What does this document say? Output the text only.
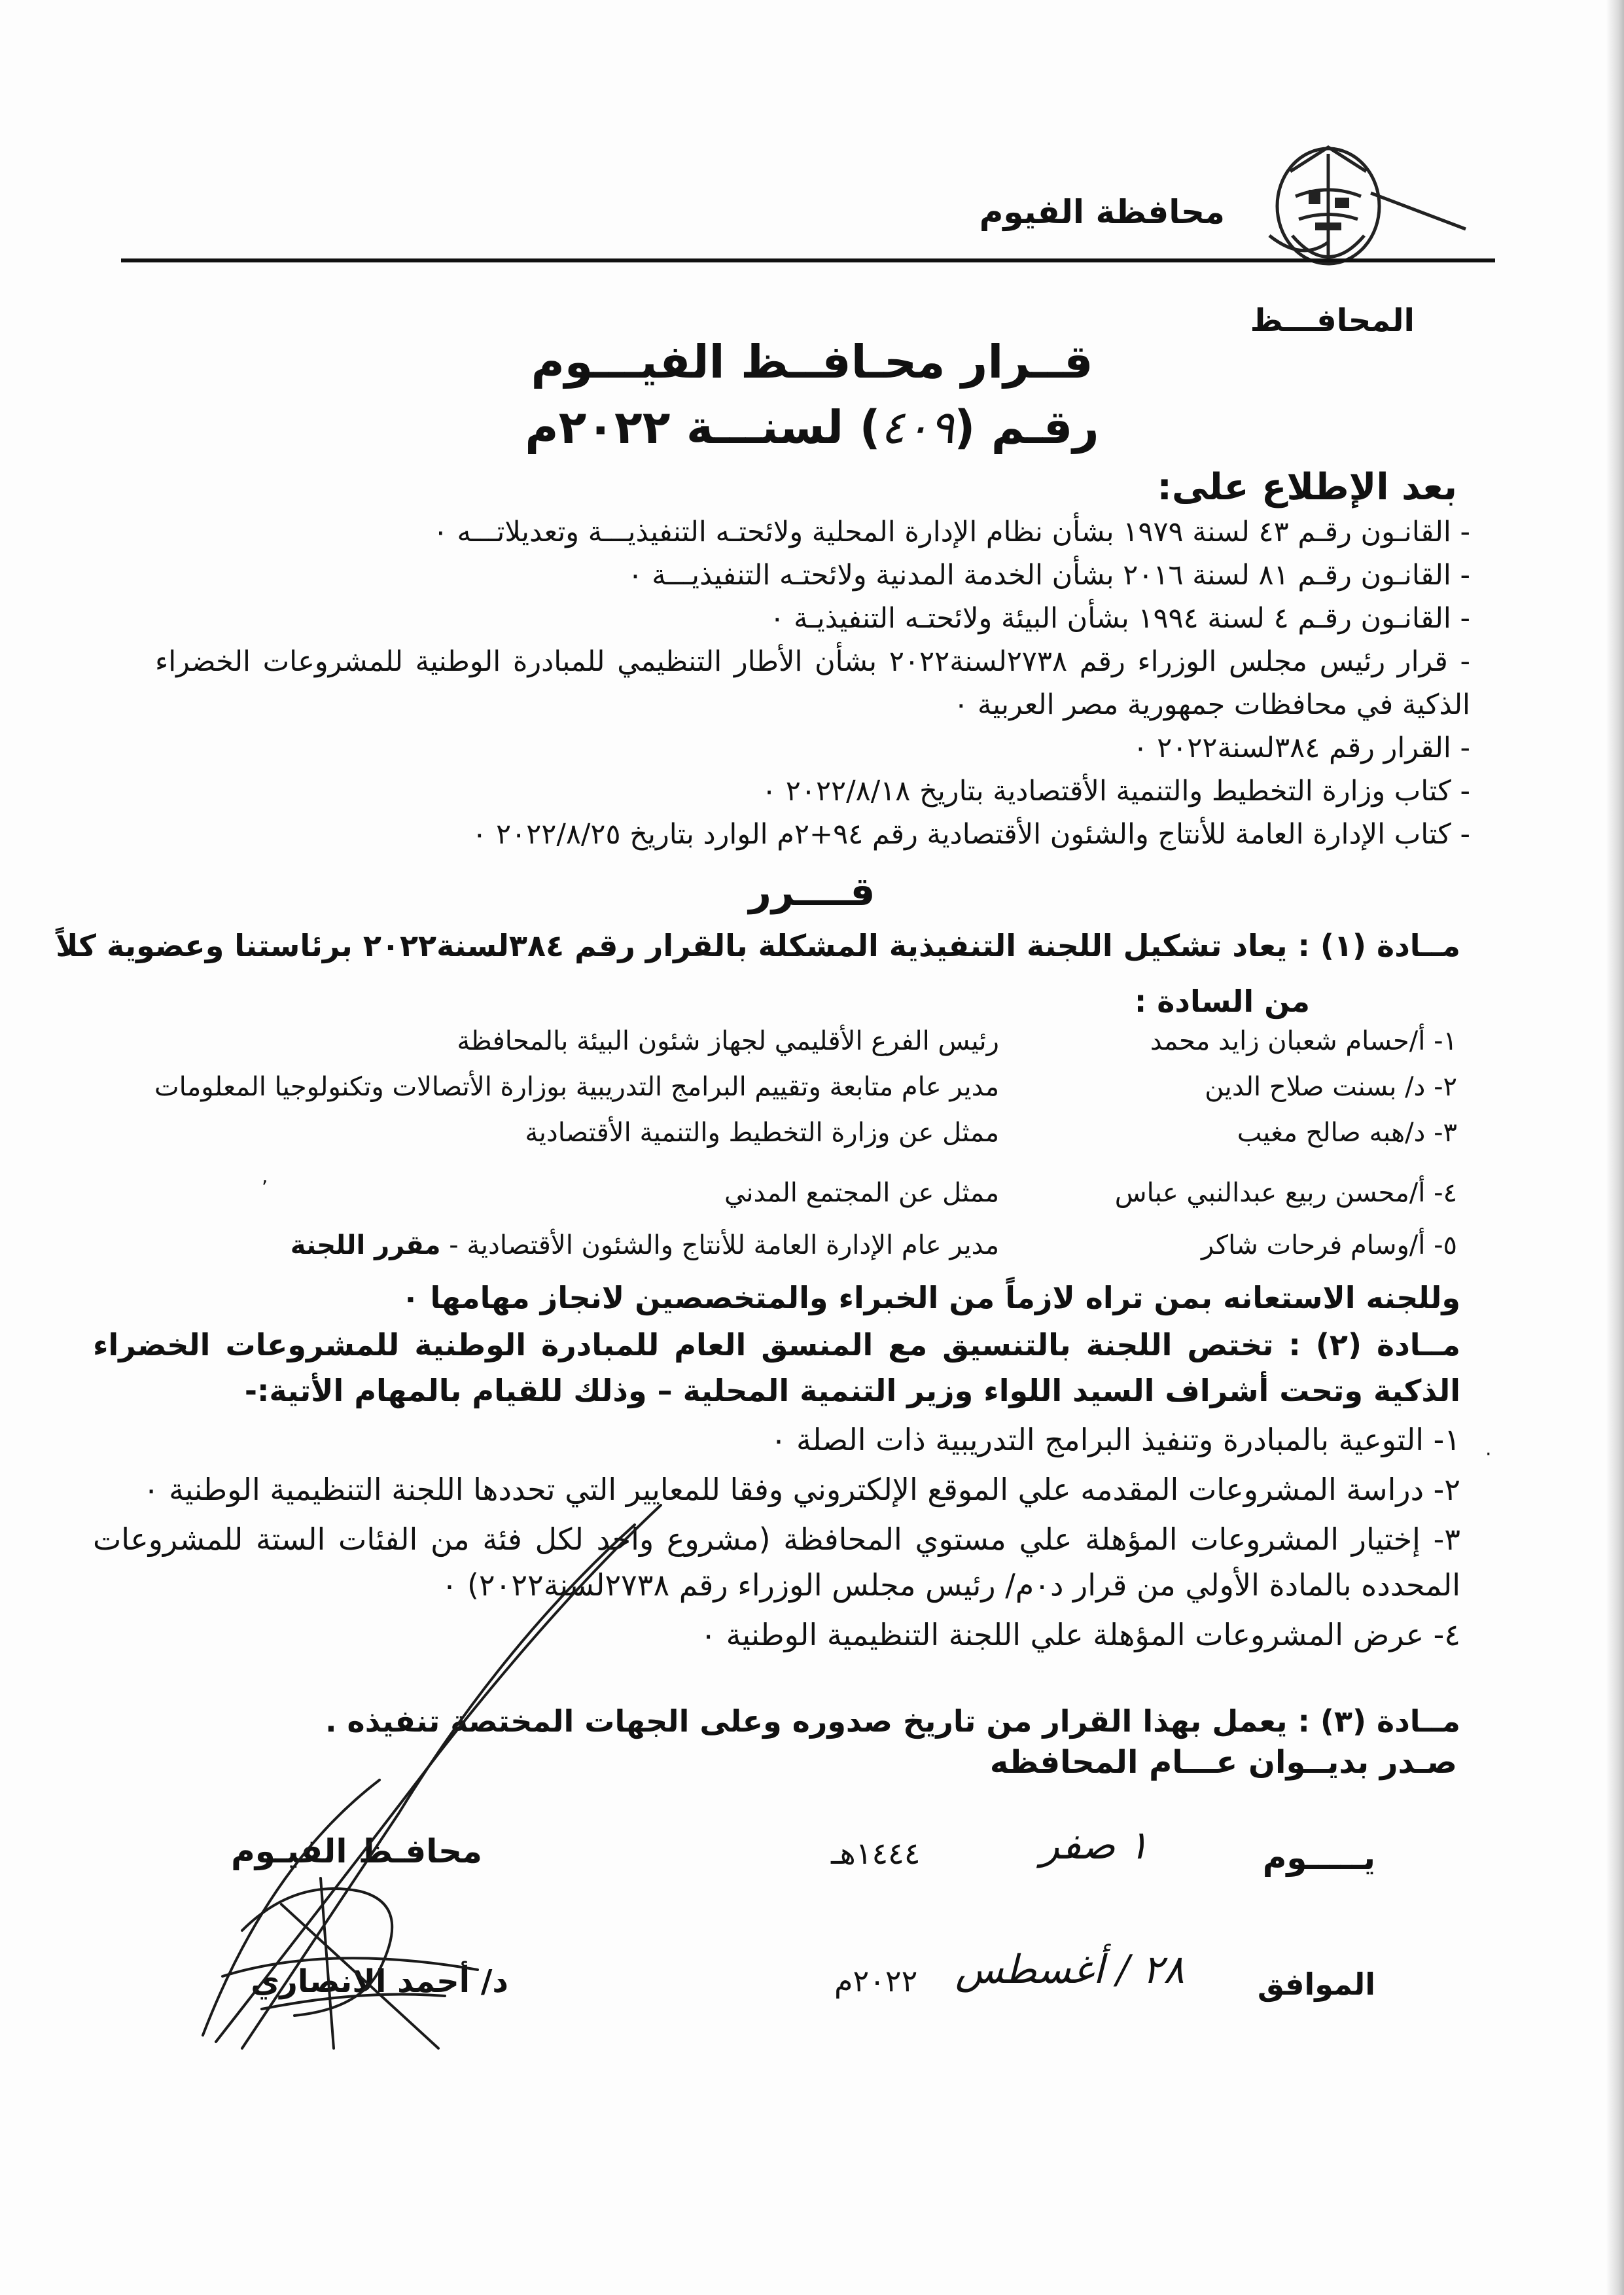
محافظة الفيوم
المحافـــظ
قــرار محـافــظ الفيـــوم
رقـم (٤٠٩) لسنـــة ٢٠٢٢م
بعد الإطلاع على:
- القانـون رقـم ٤٣ لسنة ١٩٧٩ بشأن نظام الإدارة المحلية ولائحتـه التنفيذيـــة وتعديلاتـــه ٠
- القانـون رقـم ٨١ لسنة ٢٠١٦ بشأن الخدمة المدنية ولائحتـه التنفيذيـــة ٠
- القانـون رقـم ٤ لسنة ١٩٩٤ بشأن البيئة ولائحتـه التنفيذيـة ٠
- قرار رئيس مجلس الوزراء رقم ٢٧٣٨لسنة٢٠٢٢ بشأن الأطار التنظيمي للمبادرة الوطنية للمشروعات الخضراء الذكية في محافظات جمهورية مصر العربية ٠
- القرار رقم ٣٨٤لسنة٢٠٢٢ ٠
- كتاب وزارة التخطيط والتنمية الأقتصادية بتاريخ ٢٠٢٢/٨/١٨ ٠
- كتاب الإدارة العامة للأنتاج والشئون الأقتصادية رقم ٩٤+٢م الوارد بتاريخ ٢٠٢٢/٨/٢٥ ٠
قــــرر
مــادة (١) : يعاد تشكيل اللجنة التنفيذية المشكلة بالقرار رقم ٣٨٤لسنة٢٠٢٢ برئاستنا وعضوية كلاً
من السادة :
١- أ/حسام شعبان زايد محمد
رئيس الفرع الأقليمي لجهاز شئون البيئة بالمحافظة
٢- د/ بسنت صلاح الدين
مدير عام متابعة وتقييم البرامج التدريبية بوزارة الأتصالات وتكنولوجيا المعلومات
٣- د/هبه صالح مغيب
ممثل عن وزارة التخطيط والتنمية الأقتصادية
٤- أ/محسن ربيع عبدالنبي عباس
ممثل عن المجتمع المدني
٥- أ/وسام فرحات شاكر
مدير عام الإدارة العامة للأنتاج والشئون الأقتصادية - مقرر اللجنة
وللجنه الاستعانه بمن تراه لازماً من الخبراء والمتخصصين لانجاز مهامها ٠
مــادة (٢) : تختص اللجنة بالتنسيق مع المنسق العام للمبادرة الوطنية للمشروعات الخضراء الذكية وتحت أشراف السيد اللواء وزير التنمية المحلية – وذلك للقيام بالمهام الأتية:-
١- التوعية بالمبادرة وتنفيذ البرامج التدريبية ذات الصلة ٠
٢- دراسة المشروعات المقدمه علي الموقع الإلكتروني وفقا للمعايير التي تحددها اللجنة التنظيمية الوطنية ٠
٣- إختيار المشروعات المؤهلة علي مستوي المحافظة (مشروع واحد لكل فئة من الفئات الستة للمشروعات المحدده بالمادة الأولي من قرار د٠م/ رئيس مجلس الوزراء رقم ٢٧٣٨لسنة٢٠٢٢) ٠
٤- عرض المشروعات المؤهلة علي اللجنة التنظيمية الوطنية ٠
مــادة (٣) : يعمل بهذا القرار من تاريخ صدوره وعلى الجهات المختصة تنفيذه .
صـدر بديــوان عـــام المحافظه
يـــــوم
١ صفر
١٤٤٤هـ
الموافق
٢٨ / أغسطس
٢٠٢٢م
محافـظ الفيـوم
د/ أحمد الانصاري
,
·
